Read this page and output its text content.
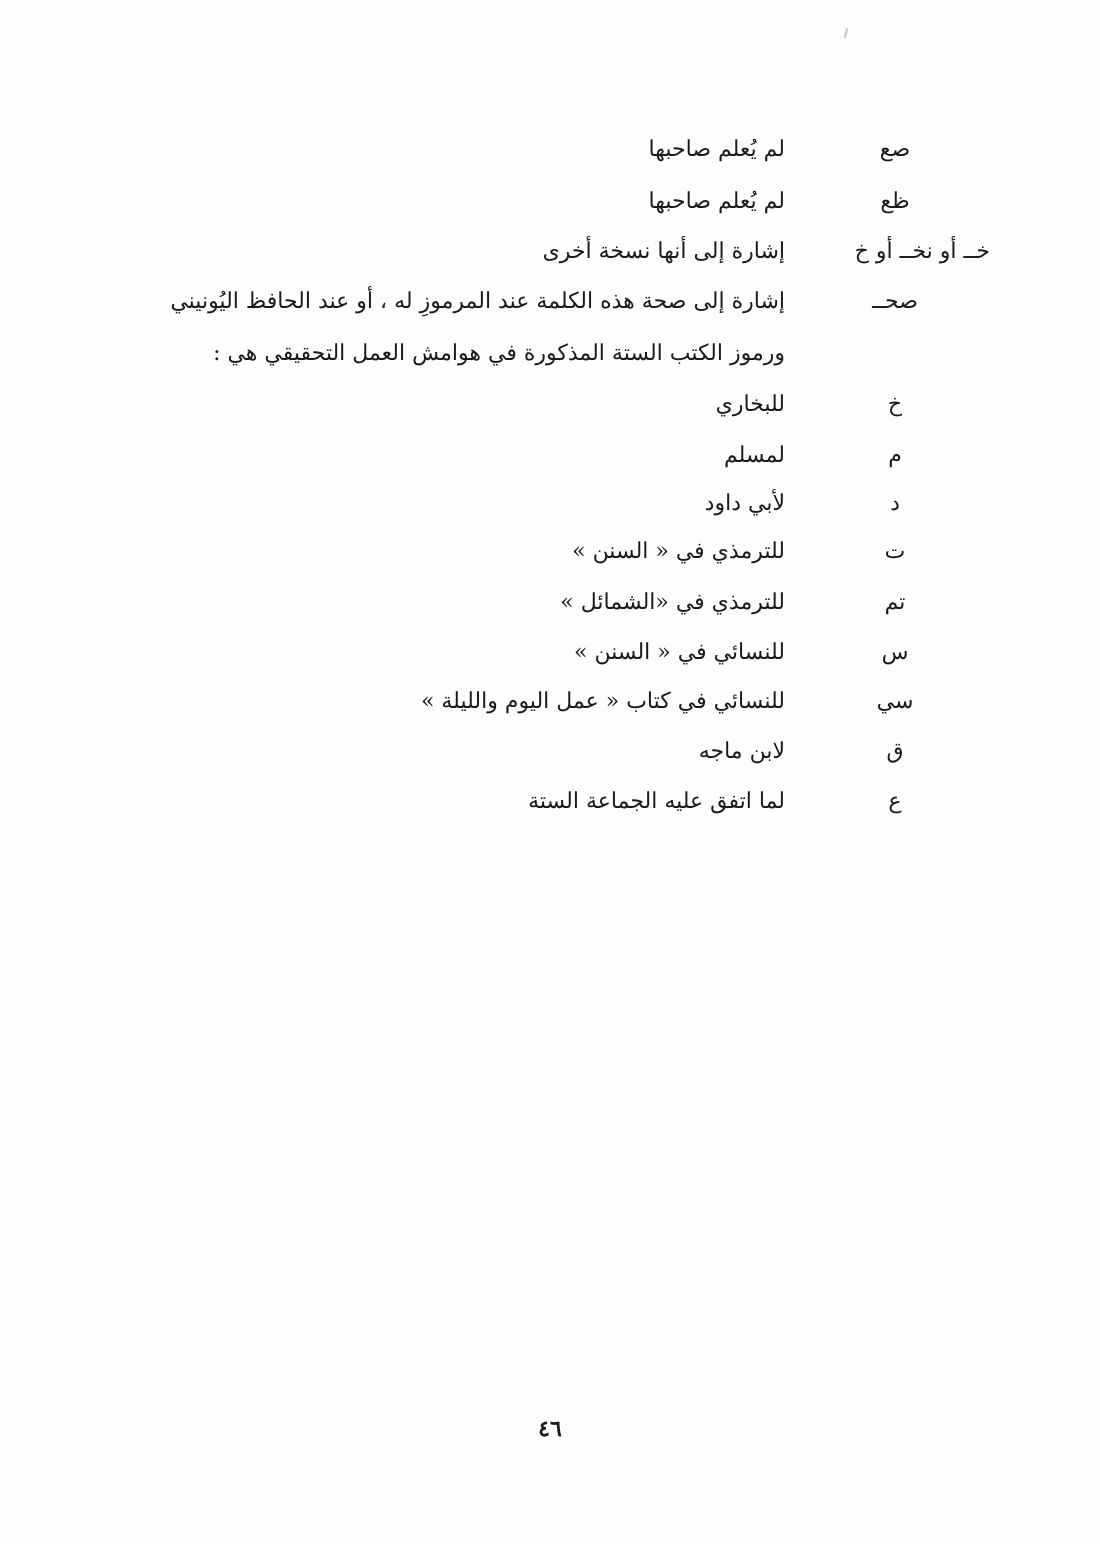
صع
لم يُعلم صاحبها
ظع
لم يُعلم صاحبها
خــ أو نخــ أو خ
إشارة إلى أنها نسخة أخرى
صحــ
إشارة إلى صحة هذه الكلمة عند المرموزِ له ، أو عند الحافظ اليُونيني
ورموز الكتب الستة المذكورة في هوامش العمل التحقيقي هي :
خ
للبخاري
م
لمسلم
د
لأبي داود
ت
للترمذي في « السنن »
تم
للترمذي في «الشمائل »
س
للنسائي في « السنن »
سي
للنسائي في كتاب « عمل اليوم والليلة »
ق
لابن ماجه
ع
لما اتفق عليه الجماعة الستة
٤٦
